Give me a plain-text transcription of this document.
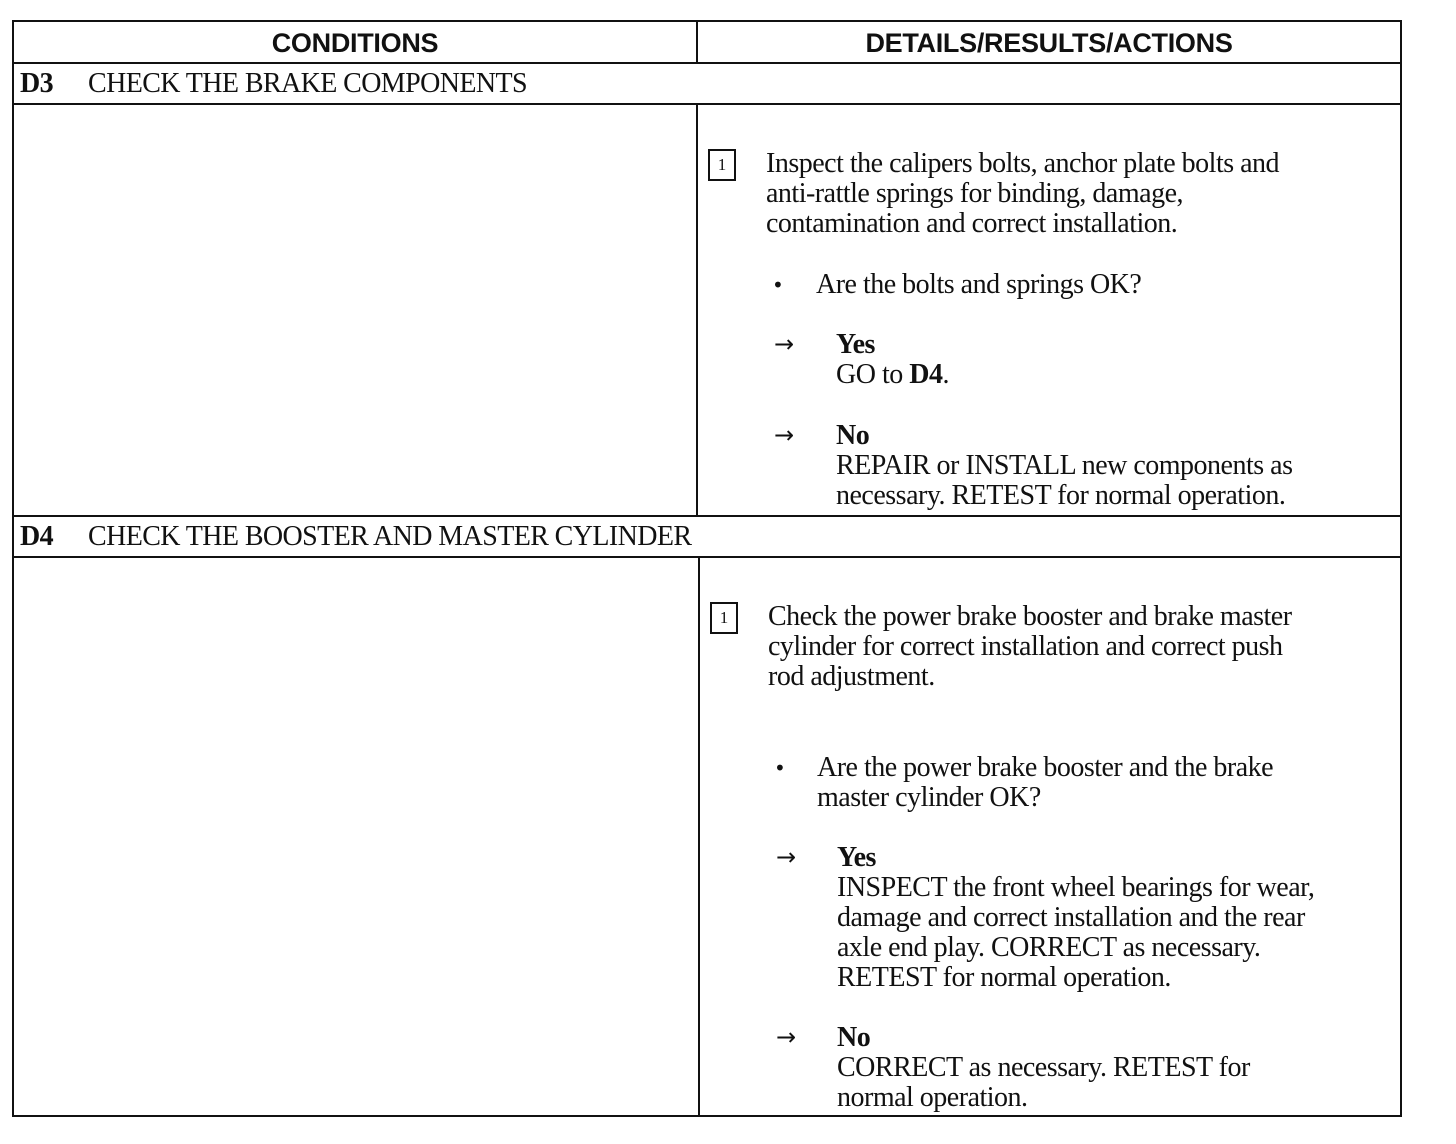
CONDITIONS	DETAILS/RESULTS/ACTIONS
D3 CHECK THE BRAKE COMPONENTS
1	Inspect the calipers bolts, anchor plate bolts and
anti-rattle springs for binding, damage,
contamination and correct installation.
• Are the bolts and springs OK?
→ Yes
GO to D4.
→ No
REPAIR or INSTALL new components as
necessary. RETEST for normal operation.
D4 CHECK THE BOOSTER AND MASTER CYLINDER
1	Check the power brake booster and brake master
cylinder for correct installation and correct push
rod adjustment.
• Are the power brake booster and the brake
master cylinder OK?
→ Yes
INSPECT the front wheel bearings for wear,
damage and correct installation and the rear
axle end play. CORRECT as necessary.
RETEST for normal operation.
→ No
CORRECT as necessary. RETEST for
normal operation.
